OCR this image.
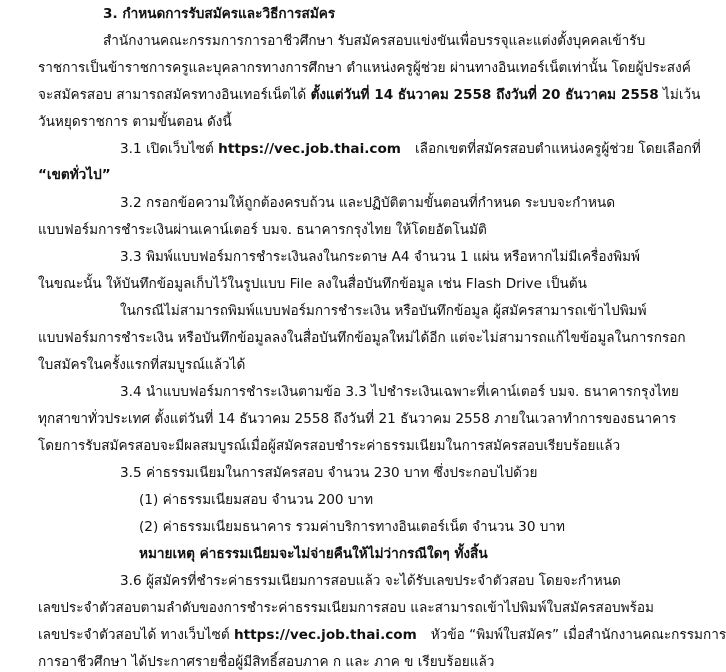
3. กำหนดการรับสมัครและวิธีการสมัคร
สำนักงานคณะกรรมการการอาชีวศึกษา รับสมัครสอบแข่งขันเพื่อบรรจุและแต่งตั้งบุคคลเข้ารับ
ราชการเป็นข้าราชการครูและบุคลากรทางการศึกษา ตำแหน่งครูผู้ช่วย ผ่านทางอินเทอร์เน็ตเท่านั้น โดยผู้ประสงค์
จะสมัครสอบ สามารถสมัครทางอินเทอร์เน็ตได้ ตั้งแต่วันที่ 14 ธันวาคม 2558 ถึงวันที่ 20 ธันวาคม 2558 ไม่เว้น
วันหยุดราชการ ตามขั้นตอน ดังนี้
3.1 เปิดเว็บไซต์ https://vec.job.thai.com เลือกเขตที่สมัครสอบตำแหน่งครูผู้ช่วย โดยเลือกที่
“เขตทั่วไป”
3.2 กรอกข้อความให้ถูกต้องครบถ้วน และปฏิบัติตามขั้นตอนที่กำหนด ระบบจะกำหนด
แบบฟอร์มการชำระเงินผ่านเคาน์เตอร์ บมจ. ธนาคารกรุงไทย ให้โดยอัตโนมัติ
3.3 พิมพ์แบบฟอร์มการชำระเงินลงในกระดาษ A4 จำนวน 1 แผ่น หรือหากไม่มีเครื่องพิมพ์
ในขณะนั้น ให้บันทึกข้อมูลเก็บไว้ในรูปแบบ File ลงในสื่อบันทึกข้อมูล เช่น Flash Drive เป็นต้น
ในกรณีไม่สามารถพิมพ์แบบฟอร์มการชำระเงิน หรือบันทึกข้อมูล ผู้สมัครสามารถเข้าไปพิมพ์
แบบฟอร์มการชำระเงิน หรือบันทึกข้อมูลลงในสื่อบันทึกข้อมูลใหม่ได้อีก แต่จะไม่สามารถแก้ไขข้อมูลในการกรอก
ใบสมัครในครั้งแรกที่สมบูรณ์แล้วได้
3.4 นำแบบฟอร์มการชำระเงินตามข้อ 3.3 ไปชำระเงินเฉพาะที่เคาน์เตอร์ บมจ. ธนาคารกรุงไทย
ทุกสาขาทั่วประเทศ ตั้งแต่วันที่ 14 ธันวาคม 2558 ถึงวันที่ 21 ธันวาคม 2558 ภายในเวลาทำการของธนาคาร
โดยการรับสมัครสอบจะมีผลสมบูรณ์เมื่อผู้สมัครสอบชำระค่าธรรมเนียมในการสมัครสอบเรียบร้อยแล้ว
3.5 ค่าธรรมเนียมในการสมัครสอบ จำนวน 230 บาท ซึ่งประกอบไปด้วย
(1) ค่าธรรมเนียมสอบ จำนวน 200 บาท
(2) ค่าธรรมเนียมธนาคาร รวมค่าบริการทางอินเตอร์เน็ต จำนวน 30 บาท
หมายเหตุ ค่าธรรมเนียมจะไม่จ่ายคืนให้ไม่ว่ากรณีใดๆ ทั้งสิ้น
3.6 ผู้สมัครที่ชำระค่าธรรมเนียมการสอบแล้ว จะได้รับเลขประจำตัวสอบ โดยจะกำหนด
เลขประจำตัวสอบตามลำดับของการชำระค่าธรรมเนียมการสอบ และสามารถเข้าไปพิมพ์ใบสมัครสอบพร้อม
เลขประจำตัวสอบได้ ทางเว็บไซต์ https://vec.job.thai.com หัวข้อ “พิมพ์ใบสมัคร” เมื่อสำนักงานคณะกรรมการ
การอาชีวศึกษา ได้ประกาศรายชื่อผู้มีสิทธิ์สอบภาค ก และ ภาค ข เรียบร้อยแล้ว
